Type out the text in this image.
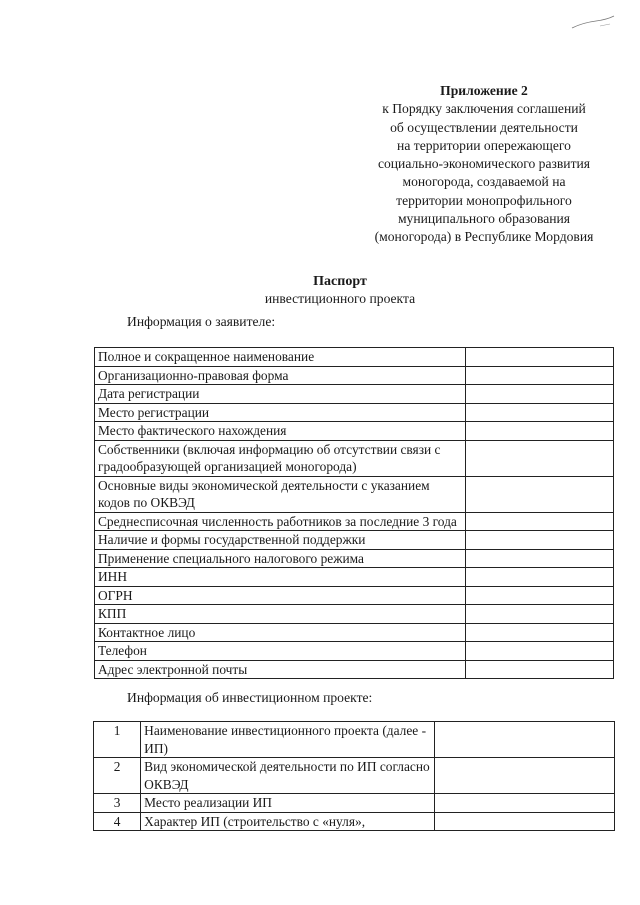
Приложение 2
к Порядку заключения соглашений
об осуществлении деятельности
на территории опережающего
социально-экономического развития
моногорода, создаваемой на
территории монопрофильного
муниципального образования
(моногорода) в Республике Мордовия
Паспорт
инвестиционного проекта
Информация о заявителе:
Полное и сокращенное наименование	
Организационно-правовая форма	
Дата регистрации	
Место регистрации	
Место фактического нахождения	
Собственники (включая информацию об отсутствии связи с градообразующей организацией моногорода)	
Основные виды экономической деятельности с указанием кодов по ОКВЭД	
Среднесписочная численность работников за последние 3 года	
Наличие и формы государственной поддержки	
Применение специального налогового режима	
ИНН	
ОГРН	
КПП	
Контактное лицо	
Телефон	
Адрес электронной почты	
Информация об инвестиционном проекте:
1	Наименование инвестиционного проекта (далее - ИП)	
2	Вид экономической деятельности по ИП согласно ОКВЭД	
3	Место реализации ИП	
4	Характер ИП (строительство с «нуля»,	
